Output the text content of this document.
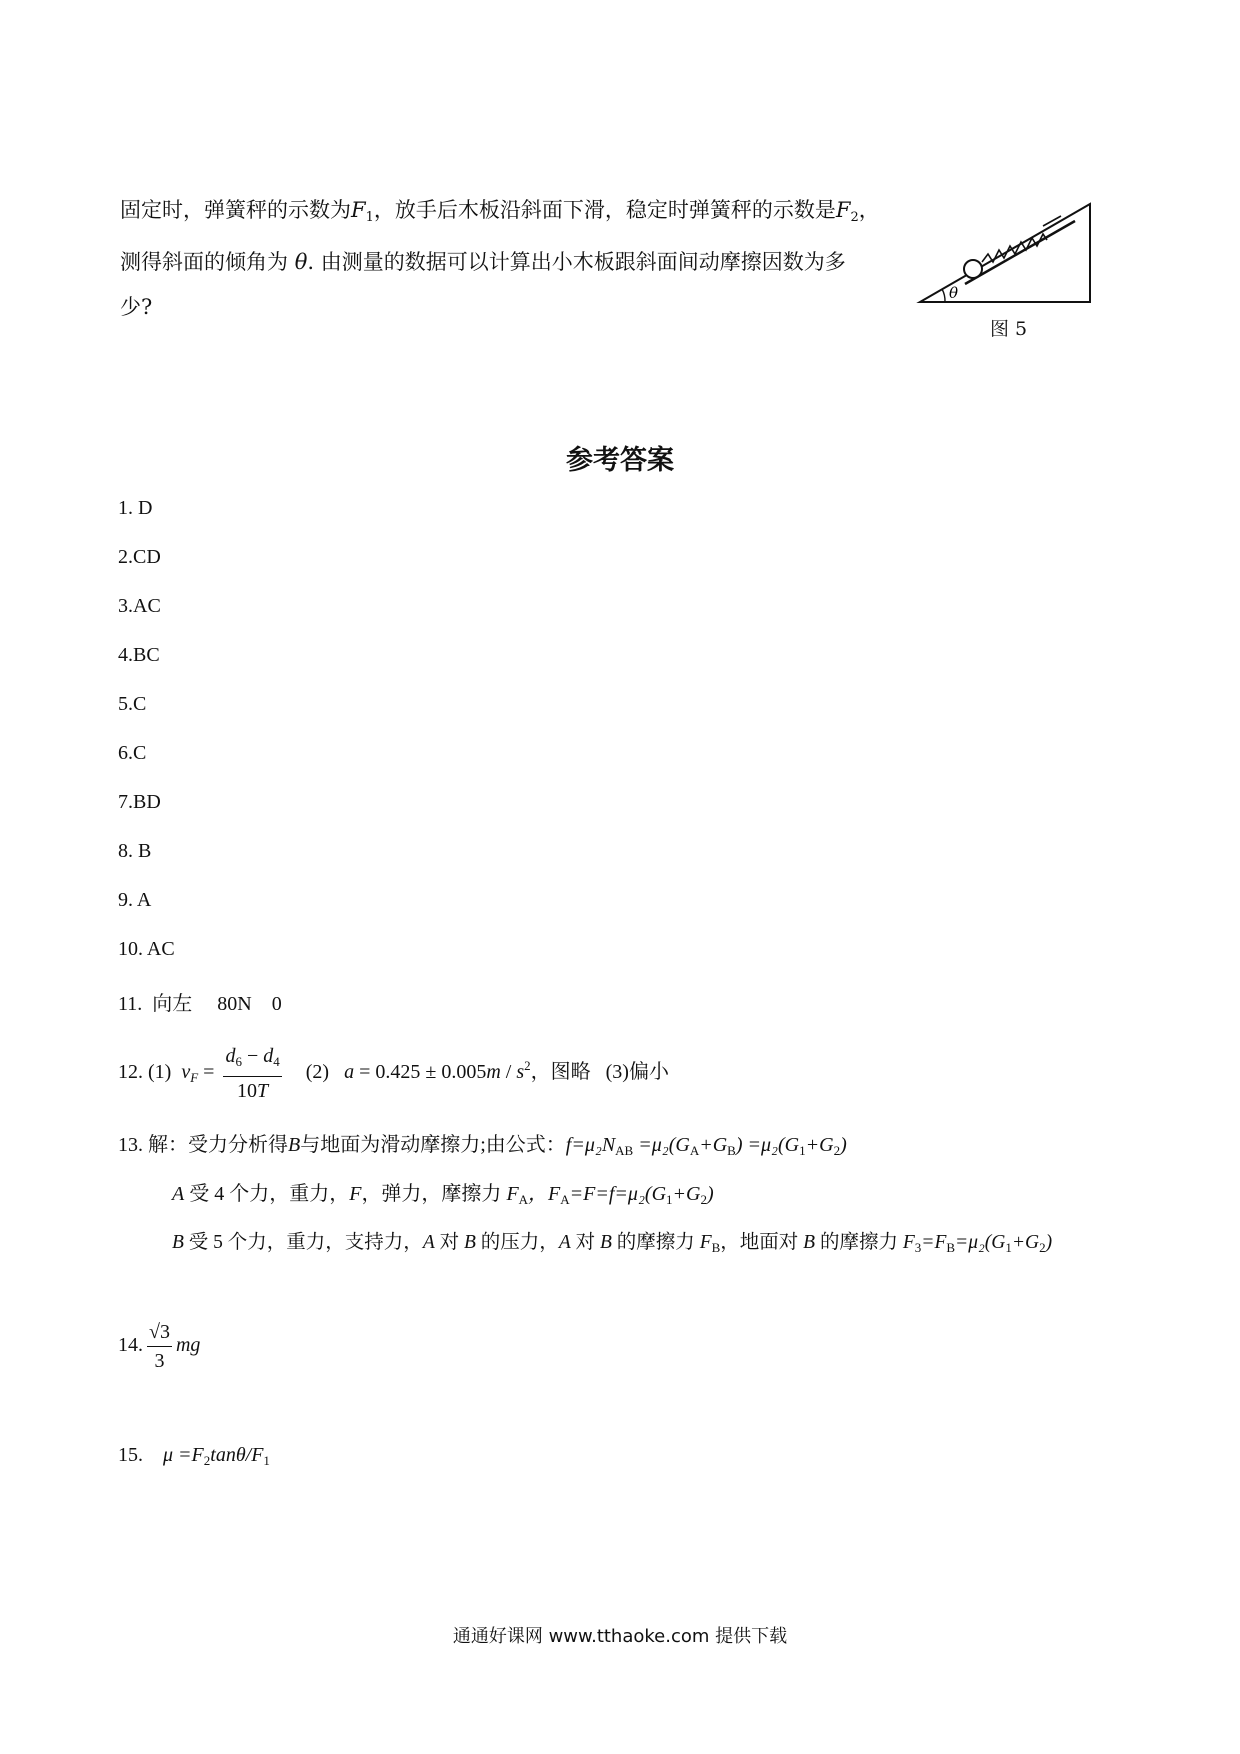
固定时，弹簧秤的示数为$F_1$，放手后木板沿斜面下滑，稳定时弹簧秤的示数是$F_2$，
测得斜面的倾角为 θ. 由测量的数据可以计算出小木板跟斜面间动摩擦因数为多
少?
θ
图 5
参考答案
1. D
2.CD
3.AC
4.BC
5.C
6.C
7.BD
8. B
9. A
10. AC
11. 向左 80N 0
12. (1) $v_F = \frac{d_6 - d_4}{10T} (2) a = 0.425 \pm 0.005m / s^2$，图略 (3)偏小
13. 解：受力分析得B与地面为滑动摩擦力;由公式：$f=\mu_2N_{AB} =\mu_2(G_A+G_B) =\mu_2(G_1+G_2)$
A 受 4 个力，重力，F，弹力，摩擦力 $F_A$，$F_A=F=f=\mu_2(G_1+G_2)$
B 受 5 个力，重力，支持力，A 对 B 的压力，A 对 B 的摩擦力 $F_B$，地面对 B 的摩擦力 $F_3=F_B=\mu_2(G_1+G_2)$
14. $\frac{√3}{3}$ mg
15. $\mu =F_2\tan\theta/F_1$
通通好课网 www.tthaoke.com 提供下载
